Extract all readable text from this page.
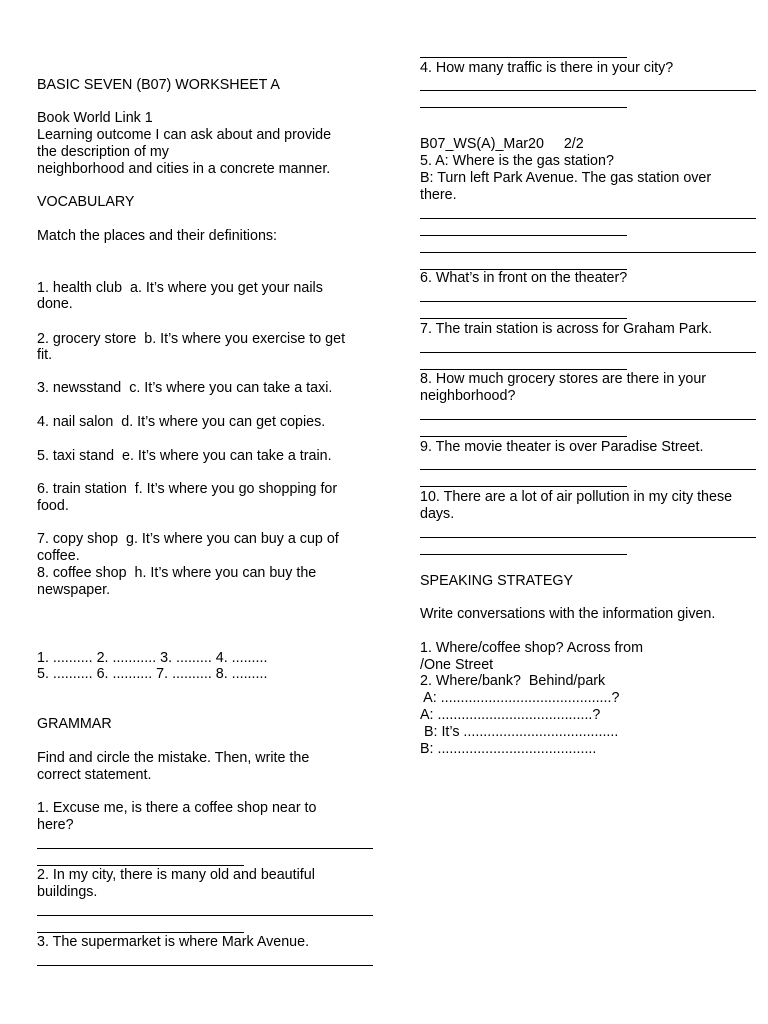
BASIC SEVEN (B07) WORKSHEET A
Book World Link 1
Learning outcome I can ask about and provide
the description of my
neighborhood and cities in a concrete manner.
VOCABULARY
Match the places and their definitions:
1. health club  a. It’s where you get your nails
done.
2. grocery store  b. It’s where you exercise to get
fit.
3. newsstand  c. It’s where you can take a taxi.
4. nail salon  d. It’s where you can get copies.
5. taxi stand  e. It’s where you can take a train.
6. train station  f. It’s where you go shopping for
food.
7. copy shop  g. It’s where you can buy a cup of
coffee.
8. coffee shop  h. It’s where you can buy the
newspaper.
1. .......... 2. ........... 3. ......... 4. .........
5. .......... 6. .......... 7. .......... 8. .........
GRAMMAR
Find and circle the mistake. Then, write the
correct statement.
1. Excuse me, is there a coffee shop near to
here?
2. In my city, there is many old and beautiful
buildings.
3. The supermarket is where Mark Avenue.
4. How many traffic is there in your city?
B07_WS(A)_Mar20     2/2
5. A: Where is the gas station?
B: Turn left Park Avenue. The gas station over
there.
6. What’s in front on the theater?
7. The train station is across for Graham Park.
8. How much grocery stores are there in your
neighborhood?
9. The movie theater is over Paradise Street.
10. There are a lot of air pollution in my city these
days.
SPEAKING STRATEGY
Write conversations with the information given.
1. Where/coffee shop? Across from
/One Street
2. Where/bank?  Behind/park
A: ...........................................?
A: .......................................?
B: It’s .......................................
B: ........................................
